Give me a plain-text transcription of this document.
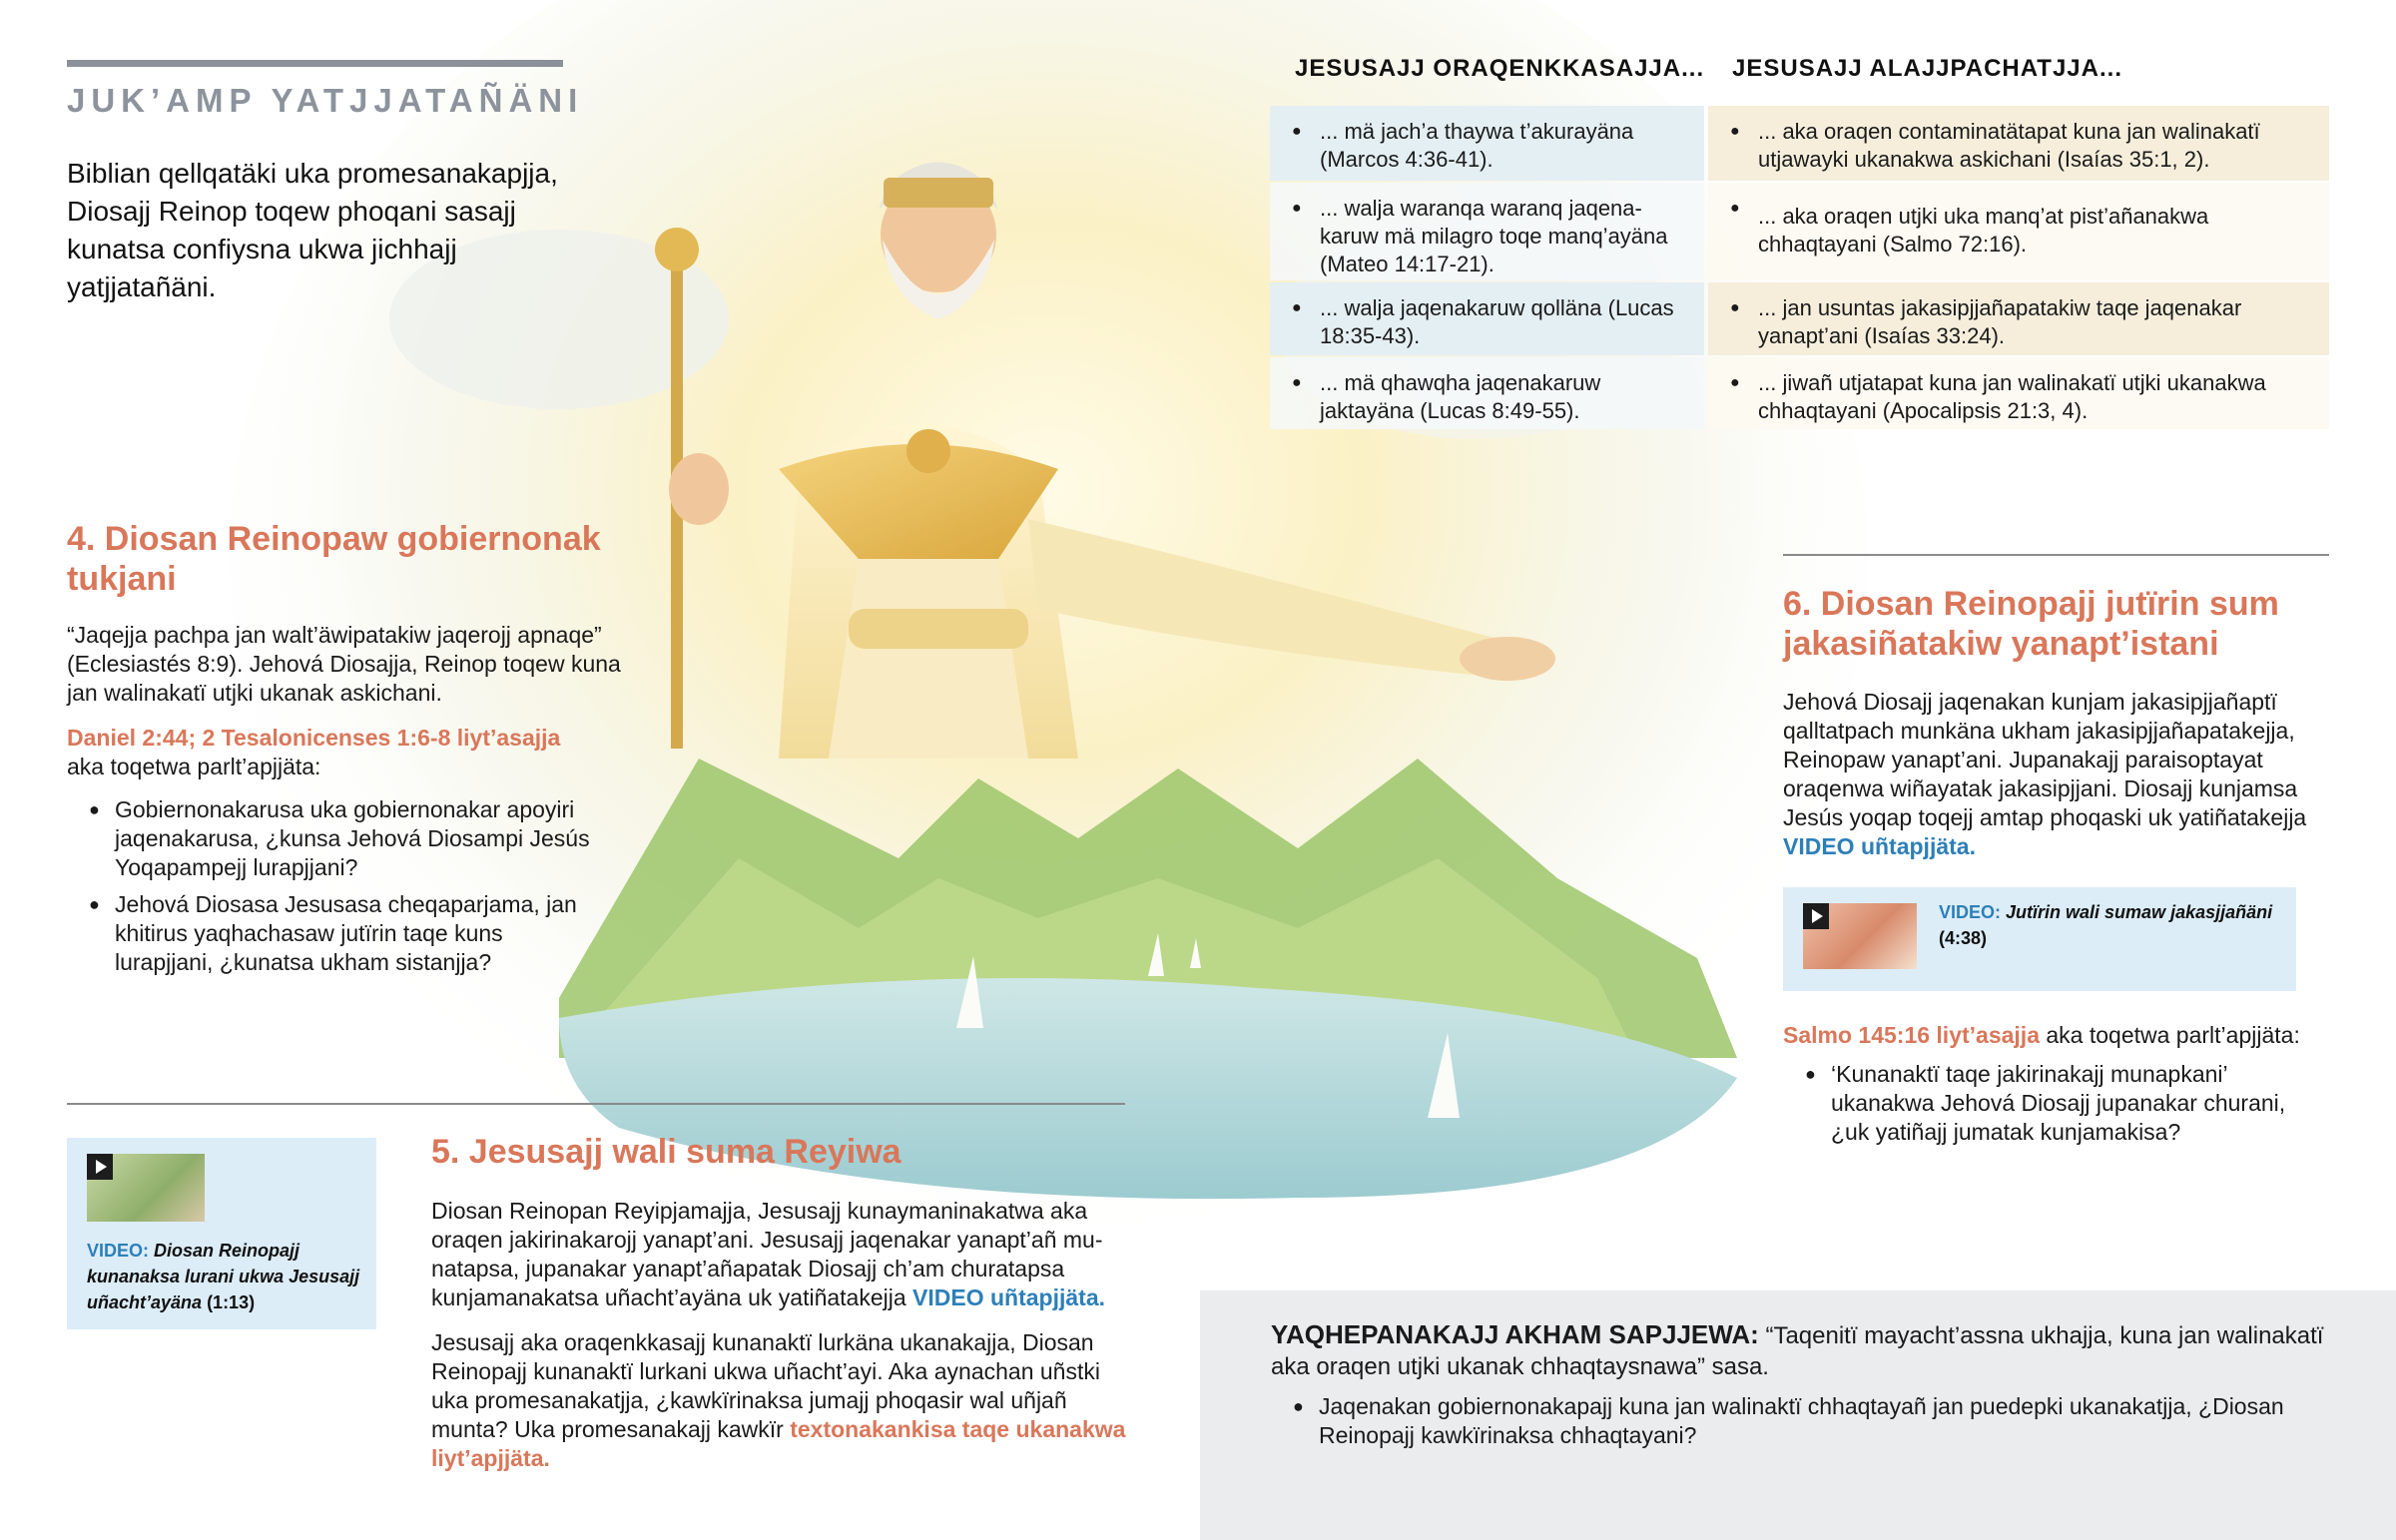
JUK’AMP YATJJATAÑÄNI
Biblian qellqatäki uka promesanakapjja, Diosajj Reinop toqew phoqani sasajj kunatsa confiysna ukwa jichhajj yatjjatañäni.
JESUSAJJ ORAQENKKASAJJA... JESUSAJJ ALAJJPACHATJJA...
● ... mä jach’a thaywa t’akurayäna (Marcos 4:36-41).
● ... walja waranqa waranq jaqenakaruw mä milagro toqe manq’ayäna (Mateo 14:17-21).
● ... walja jaqenakaruw qolläna (Lucas 18:35-43).
● ... mä qhawqha jaqenakaruw jaktayäna (Lucas 8:49-55).
● ... aka oraqen contaminatätapat kuna jan walinakatï utjawayki ukanakwa askichani (Isaías 35:1, 2).
● ... aka oraqen utjki uka manq’at pist’añanakwa chhaqtayani (Salmo 72:16).
● ... jan usuntas jakasipjjañapatakiw taqe jaqenakar yanapt’ani (Isaías 33:24).
● ... jiwañ utjatapat kuna jan walinakatï utjki ukanakwa chhaqtayani (Apocalipsis 21:3, 4).
4. Diosan Reinopaw gobiernonak tukjani
“Jaqejja pachpa jan walt’äwipatakiw jaqerojj apnaqe” (Eclesiastés 8:9). Jehová Diosajja, Reinop toqew kuna jan walinakatï utjki ukanak askichani.
Daniel 2:44; 2 Tesalonicenses 1:6-8 liyt’asajja
aka toqetwa parlt’apjjäta:
● Gobiernonakarusa uka gobiernonakar apoyiri jaqenakarusa, ¿kunsa Jehová Diosampi Jesús Yoqapampejj lurapjjani?
● Jehová Diosasa Jesusasa cheqaparjama, jan khitirus yaqhachasaw jutïrin taqe kuns lurapjjani, ¿kunatsa ukham sistanjja?
VIDEO: Diosan Reinopajj kunanaksa lurani ukwa Jesusajj uñacht’ayäna (1:13)
5. Jesusajj wali suma Reyiwa
Diosan Reinopan Reyipjamajja, Jesusajj kunaymaninakatwa aka oraqen jakirinakarojj yanapt’ani. Jesusajj jaqenakar yanapt’añ munatapsa, jupanakar yanapt’añapatak Diosajj ch’am churatapsa kunjamanakatsa uñacht’ayäna uk yatiñatakejja VIDEO uñtapjjäta.
Jesusajj aka oraqenkkasajj kunanaktï lurkäna ukanakajja, Diosan Reinopajj kunanaktï lurkani ukwa uñacht’ayi. Aka aynachan uñstki uka promesanakatjja, ¿kawkïrinaksa jumajj phoqasir wal uñjañ munta? Uka promesanakajj kawkïr textonakankisa taqe ukanakwa liyt’apjjäta.
6. Diosan Reinopajj jutïrin sum jakasiñatakiw yanapt’istani
Jehová Diosajj jaqenakan kunjam jakasipjjañaptï qalltatpach munkäna ukham jakasipjjañapatakejja, Reinopaw yanapt’ani. Jupanakajj paraisoptayat oraqenwa wiñayatak jakasipjjani. Diosajj kunjamsa Jesús yoqap toqejj amtap phoqaski uk yatiñatakejja VIDEO uñtapjjäta.
VIDEO: Jutïrin wali sumaw jakasjjañäni (4:38)
Salmo 145:16 liyt’asajja aka toqetwa parlt’apjjäta:
● ‘Kunanaktï taqe jakirinakajj munapkani’ ukanakwa Jehová Diosajj jupanakar churani, ¿uk yatiñajj jumatak kunjamakisa?
YAQHEPANAKAJJ AKHAM SAPJJEWA: “Taqenitï mayacht’assna ukhajja, kuna jan walinakatï aka oraqen utjki ukanak chhaqtaysnawa” sasa.
● Jaqenakan gobiernonakapajj kuna jan walinaktï chhaqtayañ jan puedepki ukanakatjja, ¿Diosan Reinopajj kawkïrinaksa chhaqtayani?
